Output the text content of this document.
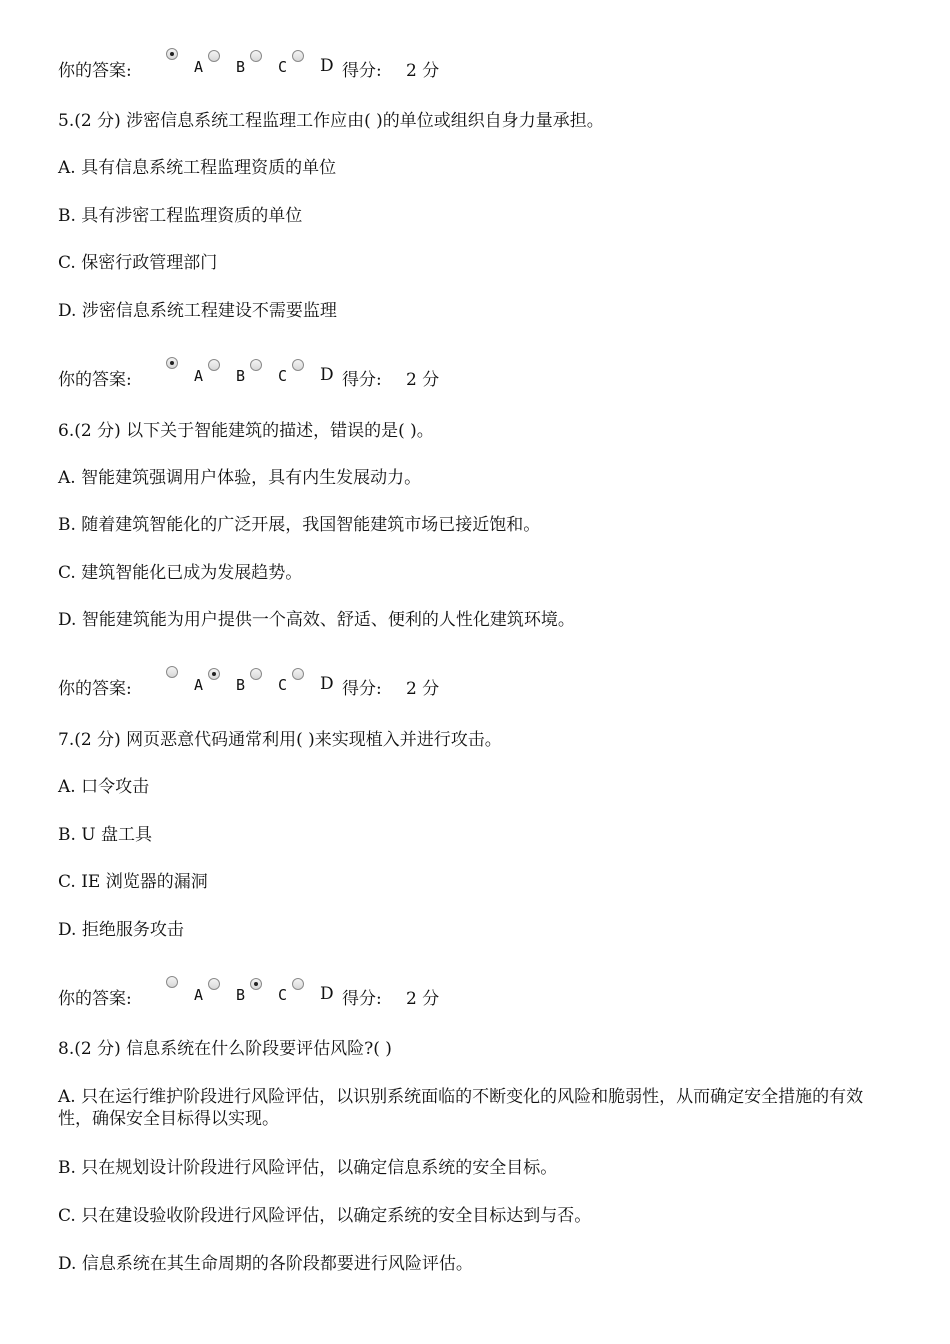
你的答案:	A B C D 得分: 2 分
5.(2 分) 涉密信息系统工程监理工作应由( )的单位或组织自身力量承担。
A. 具有信息系统工程监理资质的单位
B. 具有涉密工程监理资质的单位
C. 保密行政管理部门
D. 涉密信息系统工程建设不需要监理
你的答案:	A B C D 得分: 2 分
6.(2 分) 以下关于智能建筑的描述，错误的是( )。
A. 智能建筑强调用户体验，具有内生发展动力。
B. 随着建筑智能化的广泛开展，我国智能建筑市场已接近饱和。
C. 建筑智能化已成为发展趋势。
D. 智能建筑能为用户提供一个高效、舒适、便利的人性化建筑环境。
你的答案:	A B C D 得分: 2 分
7.(2 分) 网页恶意代码通常利用( )来实现植入并进行攻击。
A. 口令攻击
B. U 盘工具
C. IE 浏览器的漏洞
D. 拒绝服务攻击
你的答案:	A B C D 得分: 2 分
8.(2 分) 信息系统在什么阶段要评估风险?( )
A. 只在运行维护阶段进行风险评估，以识别系统面临的不断变化的风险和脆弱性，从而确定安全措施的有效性，确保安全目标得以实现。
B. 只在规划设计阶段进行风险评估，以确定信息系统的安全目标。
C. 只在建设验收阶段进行风险评估，以确定系统的安全目标达到与否。
D. 信息系统在其生命周期的各阶段都要进行风险评估。
